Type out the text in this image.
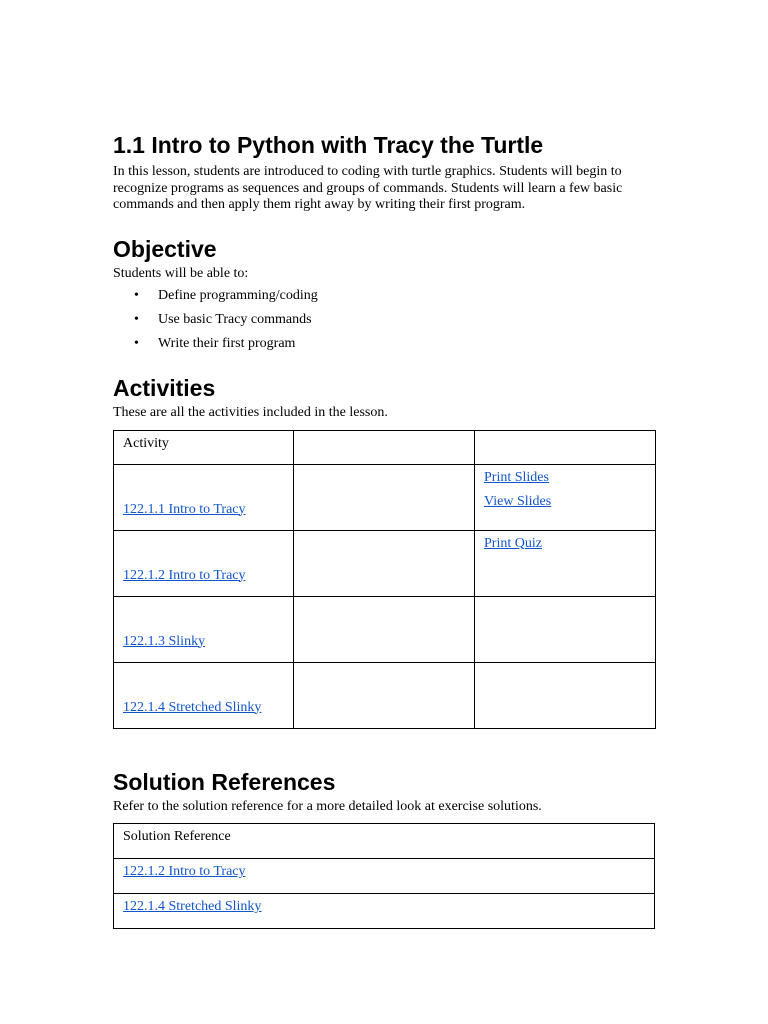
1.1 Intro to Python with Tracy the Turtle

In this lesson, students are introduced to coding with turtle graphics. Students will begin to recognize programs as sequences and groups of commands. Students will learn a few basic commands and then apply them right away by writing their first program.

Objective

Students will be able to:

• Define programming/coding
• Use basic Tracy commands
• Write their first program
Activities

These are all the activities included in the lesson.

Activity		
122.1.1 Intro to Tracy		Print Slides
View Slides

122.1.2 Intro to Tracy		Print Quiz

122.1.3 Slinky		
122.1.4 Stretched Slinky		
Solution References

Refer to the solution reference for a more detailed look at exercise solutions.

Solution Reference
122.1.2 Intro to Tracy
122.1.4 Stretched Slinky
